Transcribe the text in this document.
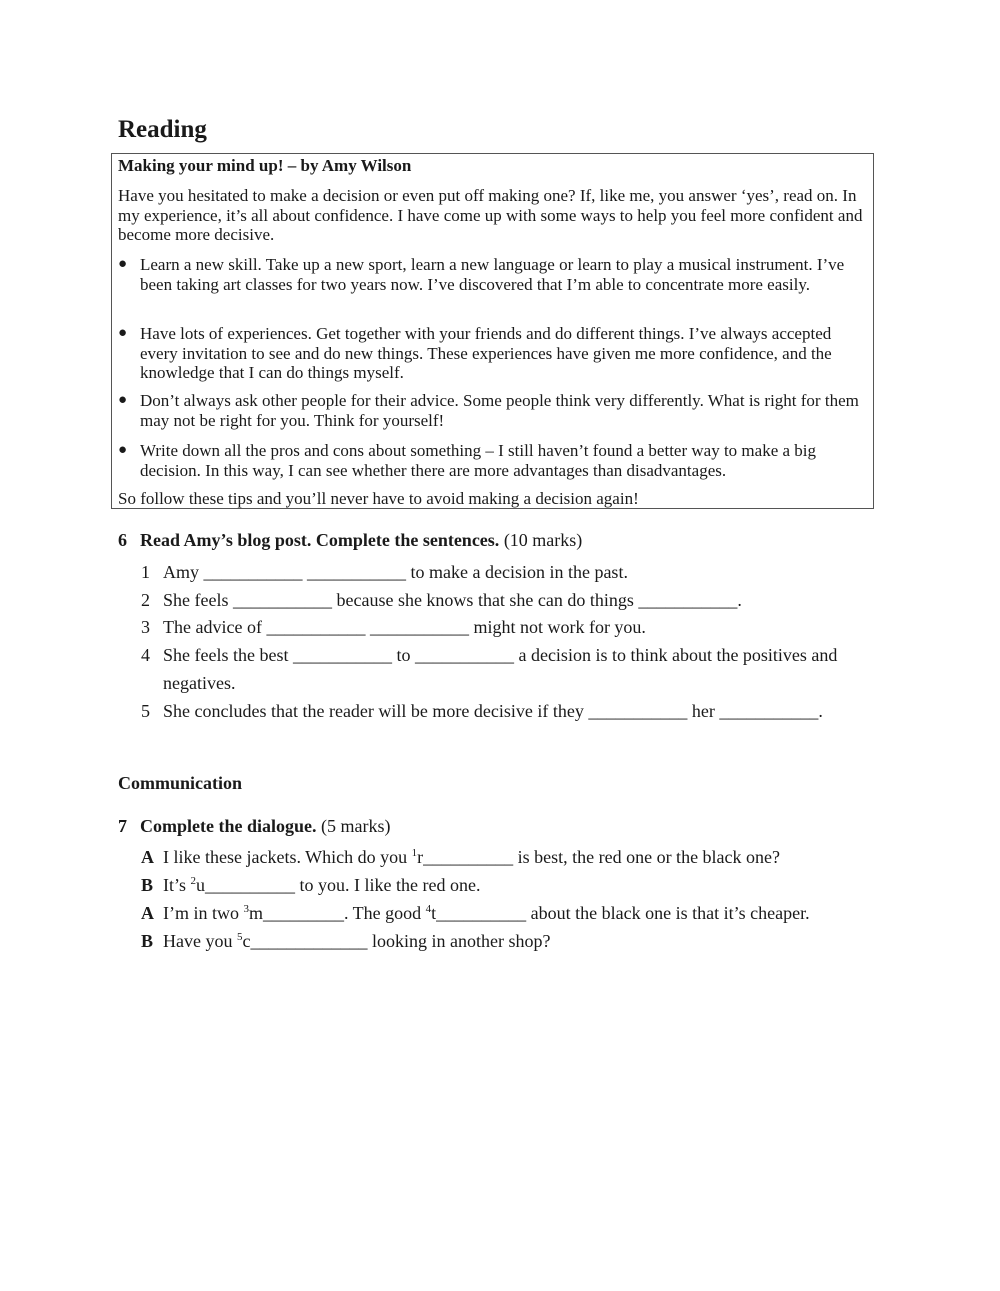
Reading
Making your mind up! – by Amy Wilson
Have you hesitated to make a decision or even put off making one? If, like me, you answer ‘yes’, read on. In my experience, it’s all about confidence. I have come up with some ways to help you feel more confident and become more decisive.
● Learn a new skill. Take up a new sport, learn a new language or learn to play a musical instrument. I’ve been taking art classes for two years now. I’ve discovered that I’m able to concentrate more easily.
● Have lots of experiences. Get together with your friends and do different things. I’ve always accepted every invitation to see and do new things. These experiences have given me more confidence, and the knowledge that I can do things myself.
● Don’t always ask other people for their advice. Some people think very differently. What is right for them may not be right for you. Think for yourself!
● Write down all the pros and cons about something – I still haven’t found a better way to make a big decision. In this way, I can see whether there are more advantages than disadvantages.
So follow these tips and you’ll never have to avoid making a decision again!
6 Read Amy’s blog post. Complete the sentences. (10 marks)
1 Amy ___________ ___________ to make a decision in the past.
2 She feels ___________ because she knows that she can do things ___________.
3 The advice of ___________ ___________ might not work for you.
4 She feels the best ___________ to ___________ a decision is to think about the positives and negatives.
5 She concludes that the reader will be more decisive if they ___________ her ___________.
Communication
7 Complete the dialogue. (5 marks)
A I like these jackets. Which do you $^1$r__________ is best, the red one or the black one?
B It’s $^2$u__________ to you. I like the red one.
A I’m in two $^3$m_________. The good $^4$t__________ about the black one is that it’s cheaper.
B Have you $^5$c_____________ looking in another shop?
